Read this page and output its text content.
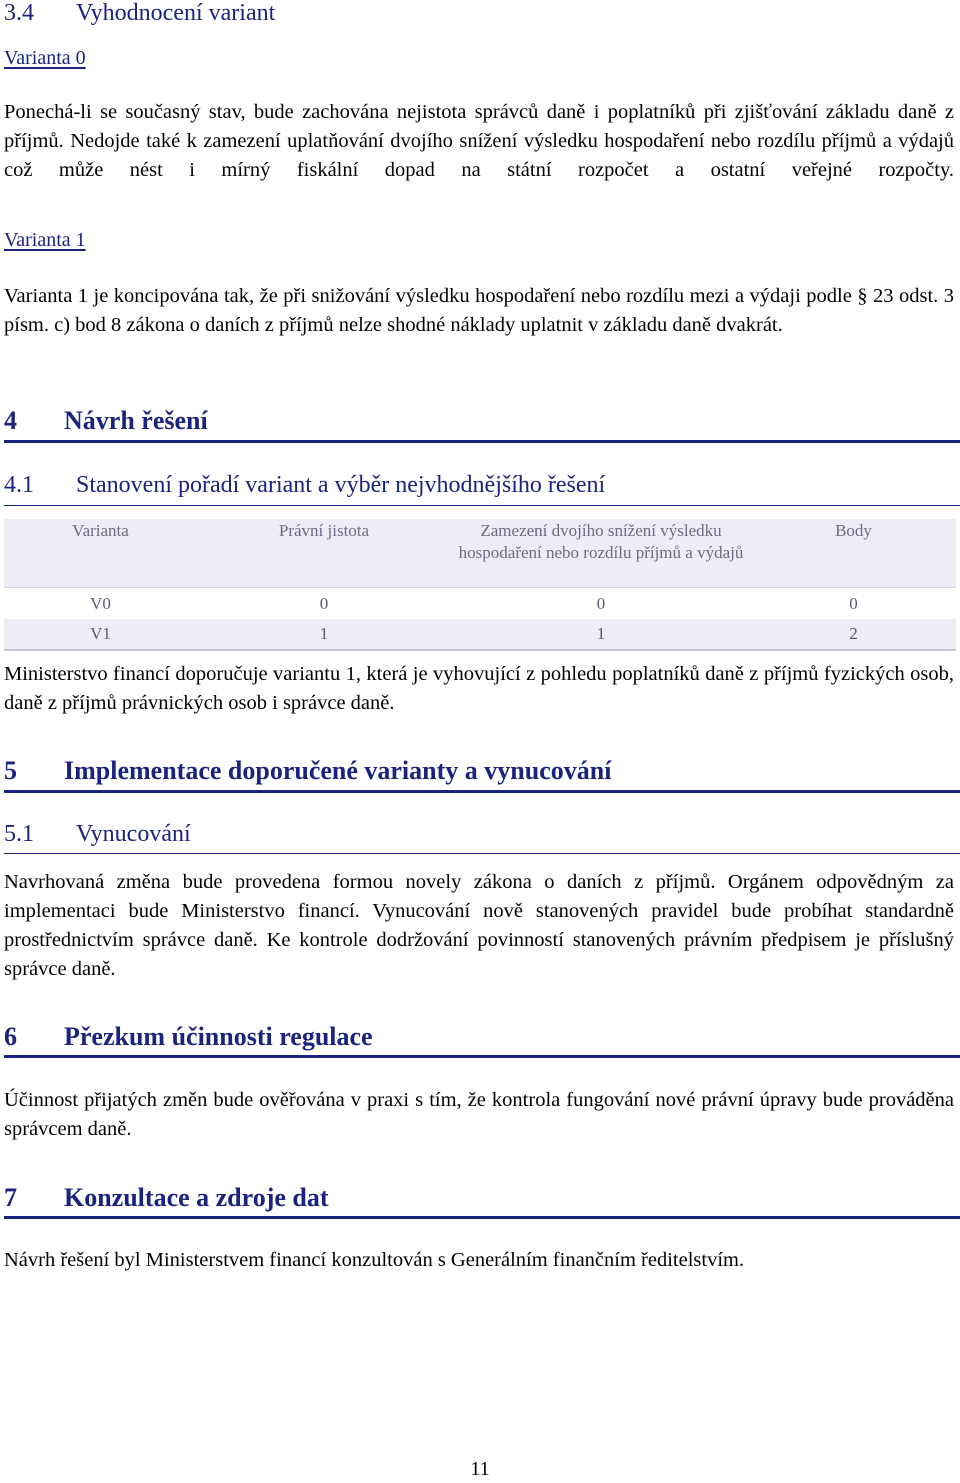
3.4 Vyhodnocení variant
Varianta 0
Ponechá-li se současný stav, bude zachována nejistota správců daně i poplatníků při zjišťování základu daně z příjmů. Nedojde také k zamezení uplatňování dvojího snížení výsledku hospodaření nebo rozdílu příjmů a výdajů což může nést i mírný fiskální dopad na státní rozpočet a ostatní veřejné rozpočty.
Varianta 1
Varianta 1 je koncipována tak, že při snižování výsledku hospodaření nebo rozdílu mezi a výdaji podle § 23 odst. 3 písm. c) bod 8 zákona o daních z příjmů nelze shodné náklady uplatnit v základu daně dvakrát.
4 Návrh řešení
4.1 Stanovení pořadí variant a výběr nejvhodnějšího řešení
Varianta	Právní jistota	Zamezení dvojího snížení výsledku hospodaření nebo rozdílu příjmů a výdajů	Body
V0	0	0	0
V1	1	1	2
Ministerstvo financí doporučuje variantu 1, která je vyhovující z pohledu poplatníků daně z příjmů fyzických osob, daně z příjmů právnických osob i správce daně.
5 Implementace doporučené varianty a vynucování
5.1 Vynucování
Navrhovaná změna bude provedena formou novely zákona o daních z příjmů. Orgánem odpovědným za implementaci bude Ministerstvo financí. Vynucování nově stanovených pravidel bude probíhat standardně prostřednictvím správce daně. Ke kontrole dodržování povinností stanovených právním předpisem je příslušný správce daně.
6 Přezkum účinnosti regulace
Účinnost přijatých změn bude ověřována v praxi s tím, že kontrola fungování nové právní úpravy bude prováděna správcem daně.
7 Konzultace a zdroje dat
Návrh řešení byl Ministerstvem financí konzultován s Generálním finančním ředitelstvím.
11
